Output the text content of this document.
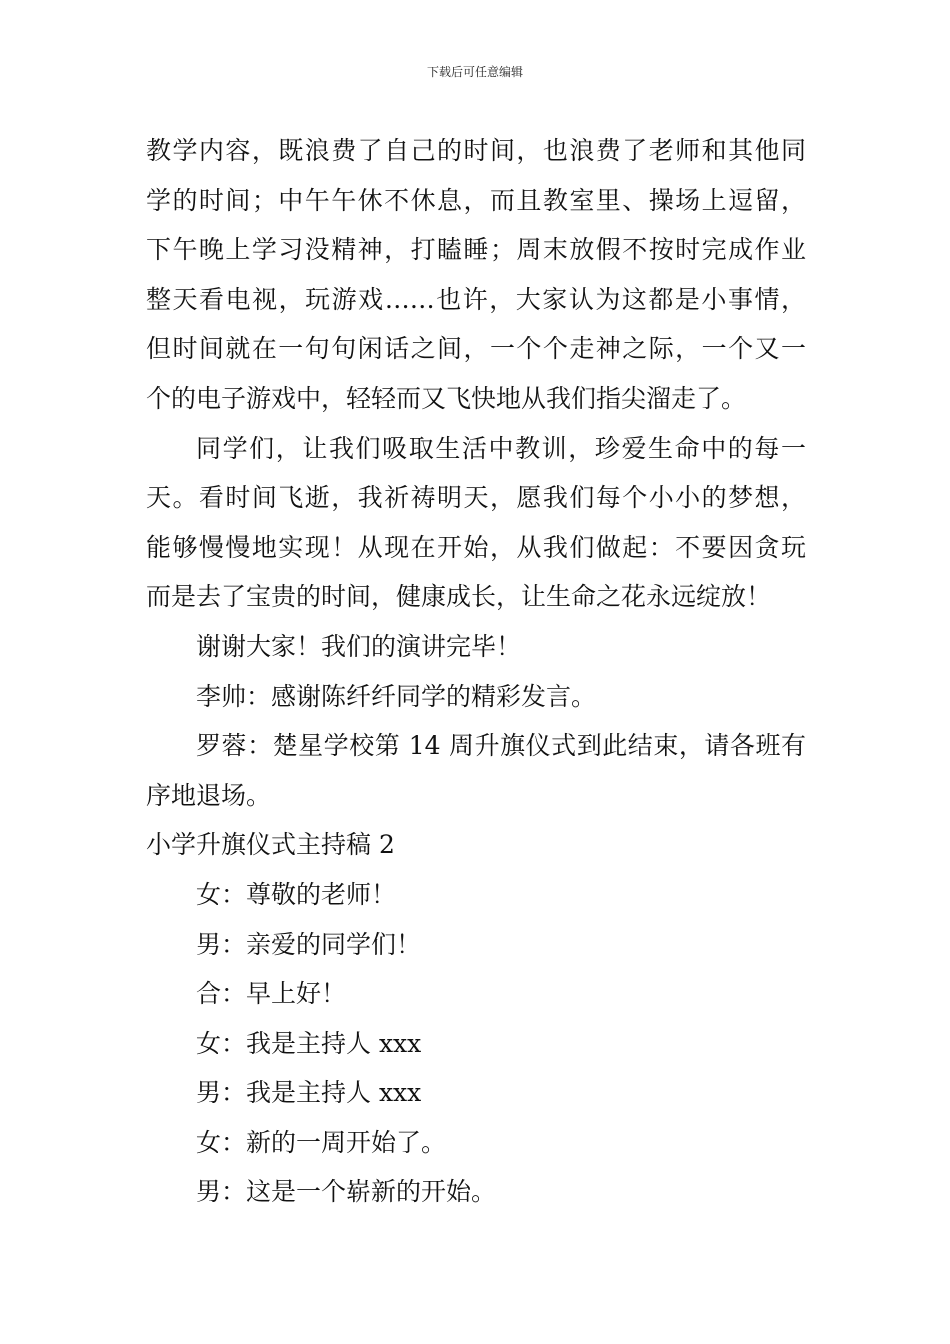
下载后可任意编辑
教学内容，既浪费了自己的时间，也浪费了老师和其他同
学的时间；中午午休不休息，而且教室里、操场上逗留，
下午晚上学习没精神，打瞌睡；周末放假不按时完成作业
整天看电视，玩游戏……也许，大家认为这都是小事情，
但时间就在一句句闲话之间，一个个走神之际，一个又一
个的电子游戏中，轻轻而又飞快地从我们指尖溜走了。
同学们，让我们吸取生活中教训，珍爱生命中的每一
天。看时间飞逝，我祈祷明天，愿我们每个小小的梦想，
能够慢慢地实现！从现在开始，从我们做起：不要因贪玩
而是去了宝贵的时间，健康成长，让生命之花永远绽放！
谢谢大家！我们的演讲完毕！
李帅：感谢陈纤纤同学的精彩发言。
罗蓉：楚星学校第 14 周升旗仪式到此结束，请各班有
序地退场。
小学升旗仪式主持稿 2
女：尊敬的老师！
男：亲爱的同学们！
合：早上好！
女：我是主持人 xxx
男：我是主持人 xxx
女：新的一周开始了。
男：这是一个崭新的开始。
